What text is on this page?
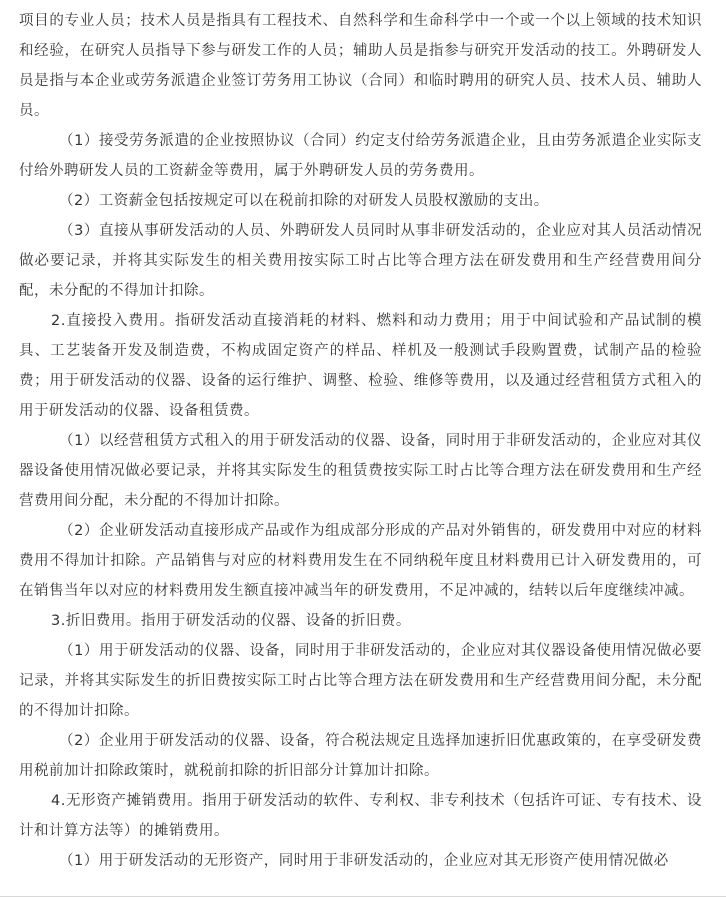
项目的专业人员；技术人员是指具有工程技术、自然科学和生命科学中一个或一个以上领域的技术知识和经验，在研究人员指导下参与研发工作的人员；辅助人员是指参与研究开发活动的技工。外聘研发人员是指与本企业或劳务派遣企业签订劳务用工协议（合同）和临时聘用的研究人员、技术人员、辅助人员。

（1）接受劳务派遣的企业按照协议（合同）约定支付给劳务派遣企业，且由劳务派遣企业实际支付给外聘研发人员的工资薪金等费用，属于外聘研发人员的劳务费用。

（2）工资薪金包括按规定可以在税前扣除的对研发人员股权激励的支出。

（3）直接从事研发活动的人员、外聘研发人员同时从事非研发活动的，企业应对其人员活动情况做必要记录，并将其实际发生的相关费用按实际工时占比等合理方法在研发费用和生产经营费用间分配，未分配的不得加计扣除。

2.直接投入费用。指研发活动直接消耗的材料、燃料和动力费用；用于中间试验和产品试制的模具、工艺装备开发及制造费，不构成固定资产的样品、样机及一般测试手段购置费，试制产品的检验费；用于研发活动的仪器、设备的运行维护、调整、检验、维修等费用，以及通过经营租赁方式租入的用于研发活动的仪器、设备租赁费。

（1）以经营租赁方式租入的用于研发活动的仪器、设备，同时用于非研发活动的，企业应对其仪器设备使用情况做必要记录，并将其实际发生的租赁费按实际工时占比等合理方法在研发费用和生产经营费用间分配，未分配的不得加计扣除。

（2）企业研发活动直接形成产品或作为组成部分形成的产品对外销售的，研发费用中对应的材料费用不得加计扣除。产品销售与对应的材料费用发生在不同纳税年度且材料费用已计入研发费用的，可在销售当年以对应的材料费用发生额直接冲减当年的研发费用，不足冲减的，结转以后年度继续冲减。

3.折旧费用。指用于研发活动的仪器、设备的折旧费。

（1）用于研发活动的仪器、设备，同时用于非研发活动的，企业应对其仪器设备使用情况做必要记录，并将其实际发生的折旧费按实际工时占比等合理方法在研发费用和生产经营费用间分配，未分配的不得加计扣除。

（2）企业用于研发活动的仪器、设备，符合税法规定且选择加速折旧优惠政策的，在享受研发费用税前加计扣除政策时，就税前扣除的折旧部分计算加计扣除。

4.无形资产摊销费用。指用于研发活动的软件、专利权、非专利技术（包括许可证、专有技术、设计和计算方法等）的摊销费用。

（1）用于研发活动的无形资产，同时用于非研发活动的，企业应对其无形资产使用情况做必
